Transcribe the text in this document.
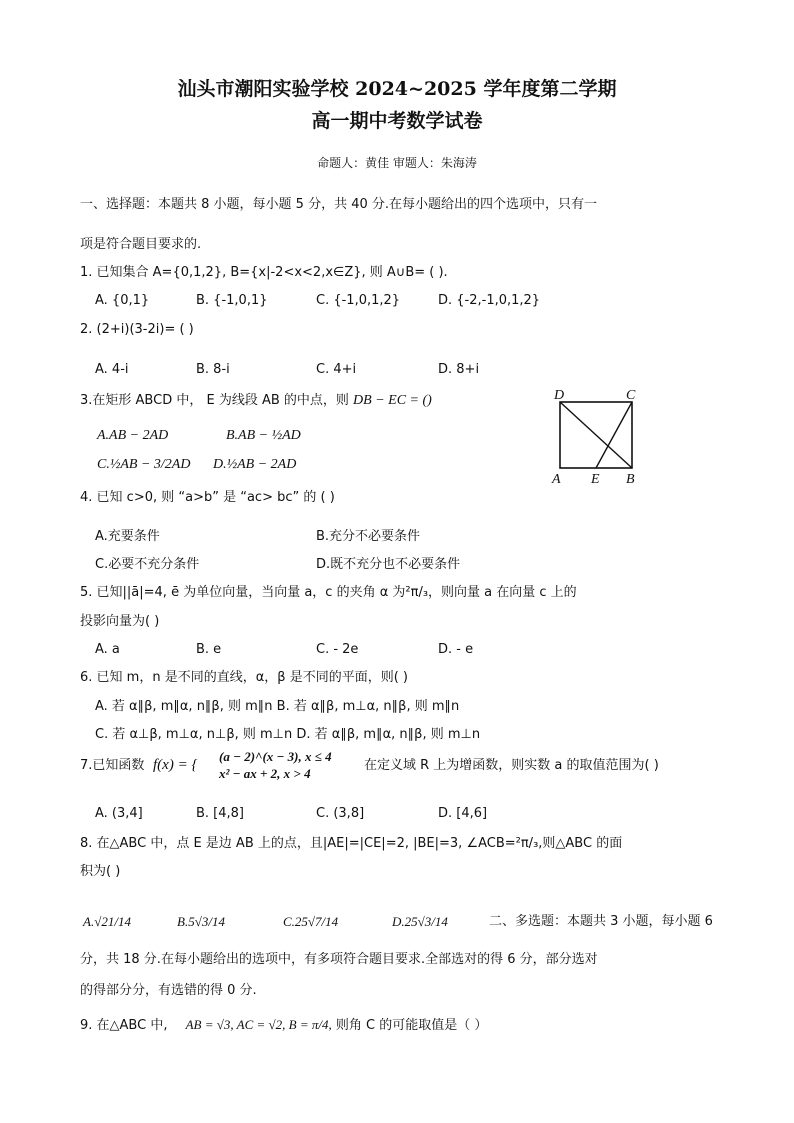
汕头市潮阳实验学校 2024~2025 学年度第二学期
高一期中考数学试卷
命题人：黄佳 审题人：朱海涛
一、选择题：本题共 8 小题，每小题 5 分，共 40 分.在每小题给出的四个选项中，只有一
项是符合题目要求的.
1. 已知集合 A={0,1,2}, B={x|-2<x<2,x∈Z}, 则 A∪B= ( ).
A. {0,1}	B. {-1,0,1}	C. {-1,0,1,2}	D. {-2,-1,0,1,2}
2. (2+i)(3-2i)= ( )
A. 4-i	B. 8-i	C. 4+i	D. 8+i
3.在矩形 ABCD 中， E 为线段 AB 的中点，则 DB − EC = ()
A.AB − 2AD	B.AB − ½AD
C.½AB − 3/2AD D.½AB − 2AD
D	C
A E B
4. 已知 c>0, 则 “a>b” 是 “ac> bc” 的 ( )
A.充要条件	B.充分不必要条件
C.必要不充分条件	D.既不充分也不必要条件
5. 已知||ā|=4, ē 为单位向量，当向量 a，c 的夹角 α 为²π/₃，则向量 a 在向量 c 上的
投影向量为( )
A. a	B. e	C. - 2e	D. - e
6. 已知 m，n 是不同的直线，α，β 是不同的平面，则( )
A. 若 α∥β, m∥α, n∥β, 则 m∥n B. 若 α∥β, m⊥α, n∥β, 则 m∥n
C. 若 α⊥β, m⊥α, n⊥β, 则 m⊥n D. 若 α∥β, m∥α, n∥β, 则 m⊥n
7.已知函数 f(x) = {
(a − 2)^(x − 3), x ≤ 4
x² − ax + 2, x > 4
在定义域 R 上为增函数，则实数 a 的取值范围为( )
A. (3,4]	B. [4,8]	C. (3,8]	D. [4,6]
8. 在△ABC 中，点 E 是边 AB 上的点，且|AE|=|CE|=2, |BE|=3, ∠ACB=²π/₃,则△ABC 的面
积为( )
A.√21/14	B.5√3/14	C.25√7/14	D.25√3/14	二、多选题：本题共 3 小题，每小题 6
分，共 18 分.在每小题给出的选项中，有多项符合题目要求.全部选对的得 6 分，部分选对
的得部分分，有选错的得 0 分.
9. 在△ABC 中, AB = √3, AC = √2, B = π/4, 则角 C 的可能取值是（ ）
